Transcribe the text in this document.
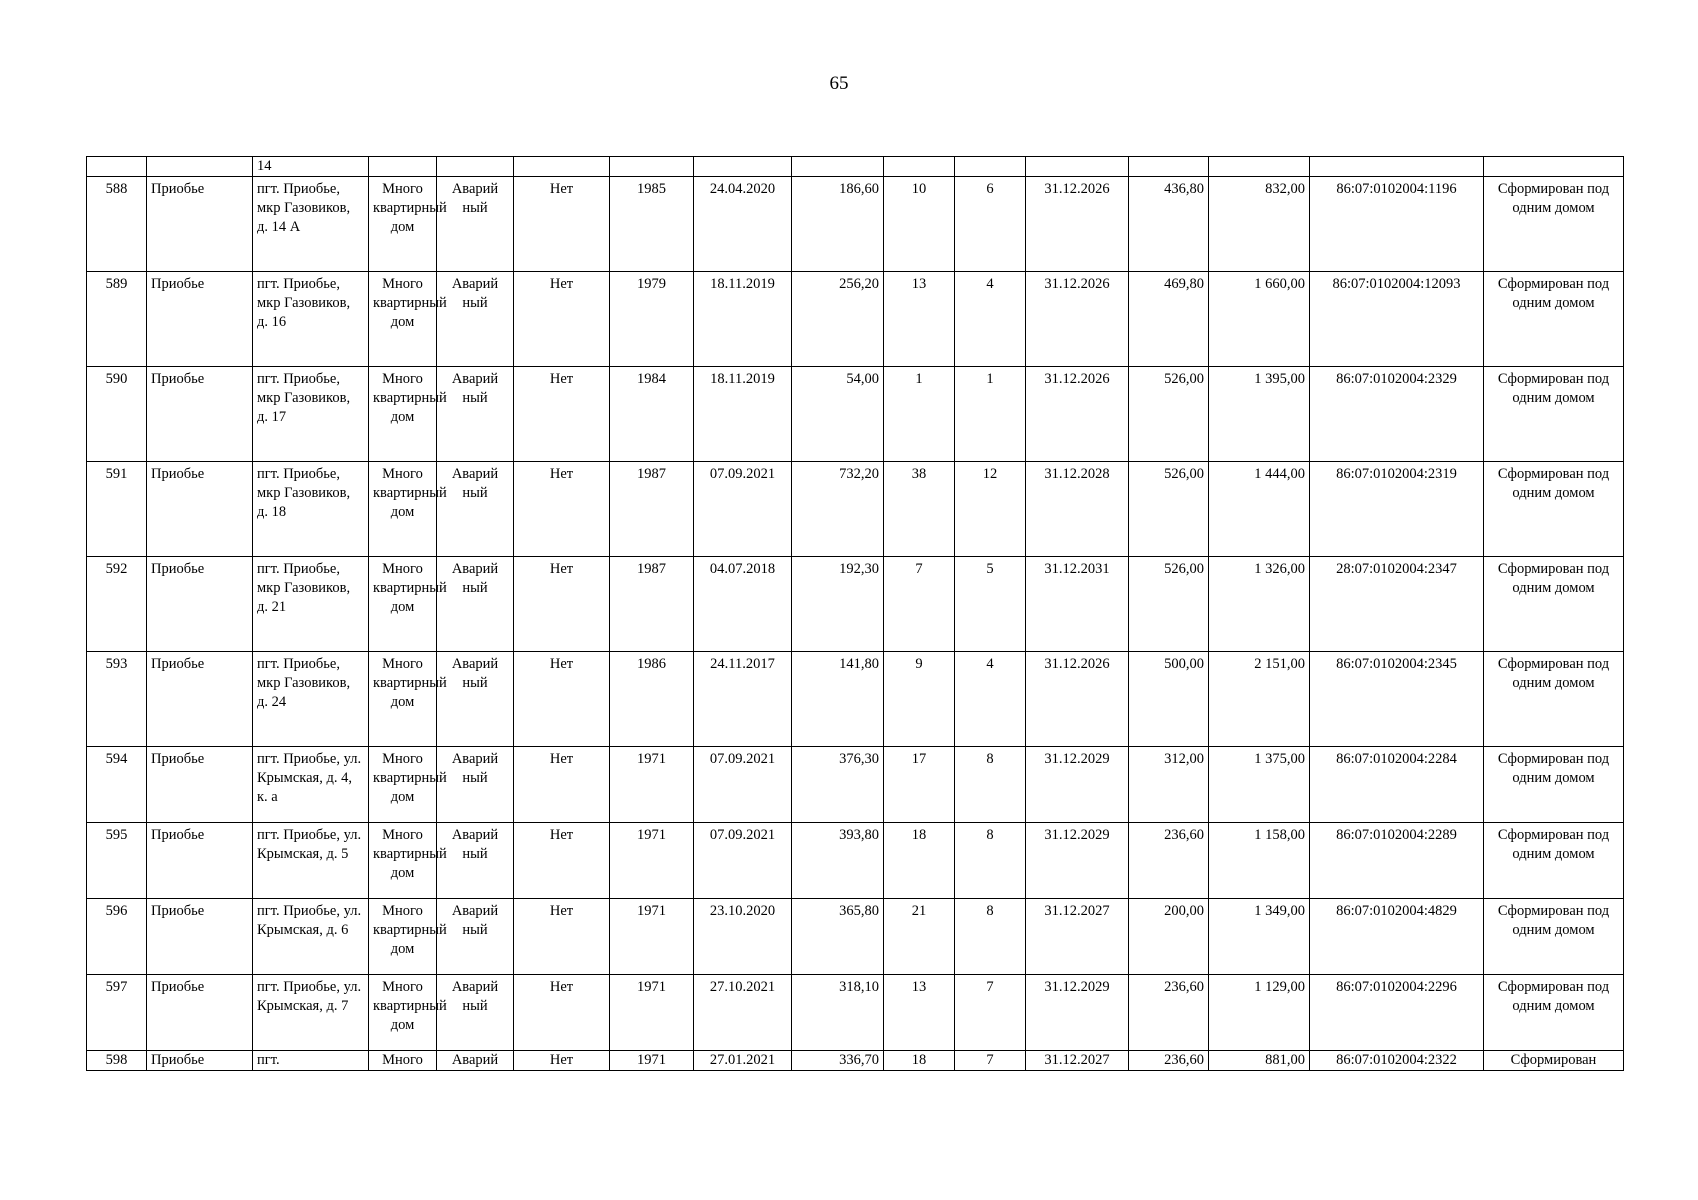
65
		14													
588	Приобье	пгт. Приобье, мкр Газовиков, д. 14 А	Много квартирный дом	Аварий ный	Нет	1985	24.04.2020	186,60	10	6	31.12.2026	436,80	832,00	86:07:0102004:1196	Сформирован под одним домом
589	Приобье	пгт. Приобье, мкр Газовиков, д. 16	Много квартирный дом	Аварий ный	Нет	1979	18.11.2019	256,20	13	4	31.12.2026	469,80	1 660,00	86:07:0102004:12093	Сформирован под одним домом
590	Приобье	пгт. Приобье, мкр Газовиков, д. 17	Много квартирный дом	Аварий ный	Нет	1984	18.11.2019	54,00	1	1	31.12.2026	526,00	1 395,00	86:07:0102004:2329	Сформирован под одним домом
591	Приобье	пгт. Приобье, мкр Газовиков, д. 18	Много квартирный дом	Аварий ный	Нет	1987	07.09.2021	732,20	38	12	31.12.2028	526,00	1 444,00	86:07:0102004:2319	Сформирован под одним домом
592	Приобье	пгт. Приобье, мкр Газовиков, д. 21	Много квартирный дом	Аварий ный	Нет	1987	04.07.2018	192,30	7	5	31.12.2031	526,00	1 326,00	28:07:0102004:2347	Сформирован под одним домом
593	Приобье	пгт. Приобье, мкр Газовиков, д. 24	Много квартирный дом	Аварий ный	Нет	1986	24.11.2017	141,80	9	4	31.12.2026	500,00	2 151,00	86:07:0102004:2345	Сформирован под одним домом
594	Приобье	пгт. Приобье, ул. Крымская, д. 4, к. а	Много квартирный дом	Аварий ный	Нет	1971	07.09.2021	376,30	17	8	31.12.2029	312,00	1 375,00	86:07:0102004:2284	Сформирован под одним домом
595	Приобье	пгт. Приобье, ул. Крымская, д. 5	Много квартирный дом	Аварий ный	Нет	1971	07.09.2021	393,80	18	8	31.12.2029	236,60	1 158,00	86:07:0102004:2289	Сформирован под одним домом
596	Приобье	пгт. Приобье, ул. Крымская, д. 6	Много квартирный дом	Аварий ный	Нет	1971	23.10.2020	365,80	21	8	31.12.2027	200,00	1 349,00	86:07:0102004:4829	Сформирован под одним домом
597	Приобье	пгт. Приобье, ул. Крымская, д. 7	Много квартирный дом	Аварий ный	Нет	1971	27.10.2021	318,10	13	7	31.12.2029	236,60	1 129,00	86:07:0102004:2296	Сформирован под одним домом
598	Приобье	пгт.	Много	Аварий	Нет	1971	27.01.2021	336,70	18	7	31.12.2027	236,60	881,00	86:07:0102004:2322	Сформирован
